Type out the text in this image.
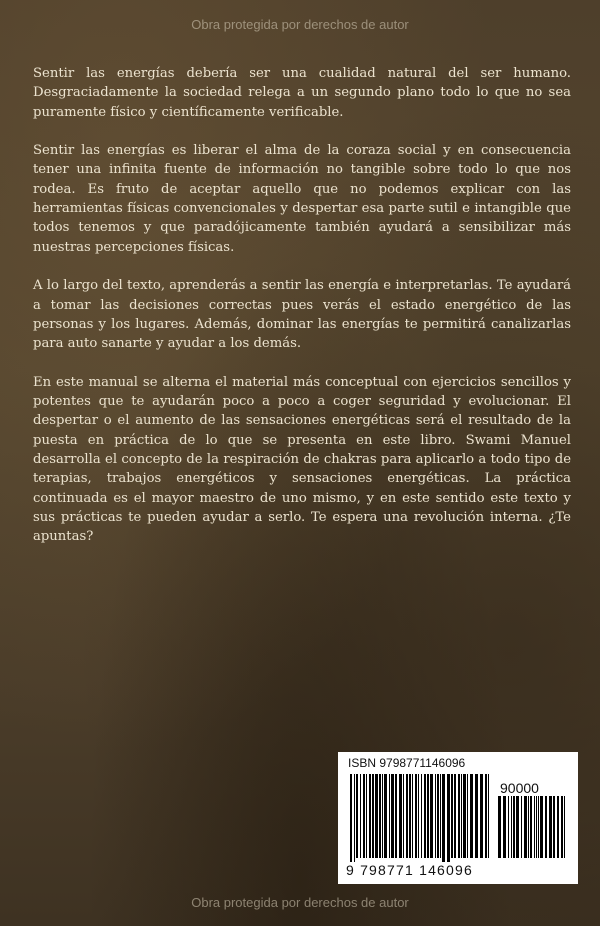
Obra protegida por derechos de autor

Sentir las energías debería ser una cualidad natural del ser humano. Desgraciadamente la sociedad relega a un segundo plano todo lo que no sea puramente físico y científicamente verificable.

Sentir las energías es liberar el alma de la coraza social y en consecuencia tener una infinita fuente de información no tangible sobre todo lo que nos rodea. Es fruto de aceptar aquello que no podemos explicar con las herramientas físicas convencionales y despertar esa parte sutil e intangible que todos tenemos y que paradójicamente también ayudará a sensibilizar más nuestras percepciones físicas.

A lo largo del texto, aprenderás a sentir las energía e interpretarlas. Te ayudará a tomar las decisiones correctas pues verás el estado energético de las personas y los lugares. Además, dominar las energías te permitirá canalizarlas para auto sanarte y ayudar a los demás.

En este manual se alterna el material más conceptual con ejercicios sencillos y potentes que te ayudarán poco a poco a coger seguridad y evolucionar. El despertar o el aumento de las sensaciones energéticas será el resultado de la puesta en práctica de lo que se presenta en este libro. Swami Manuel desarrolla el concepto de la respiración de chakras para aplicarlo a todo tipo de terapias, trabajos energéticos y sensaciones energéticas. La práctica continuada es el mayor maestro de uno mismo, y en este sentido este texto y sus prácticas te pueden ayudar a serlo. Te espera una revolución interna. ¿Te apuntas?

ISBN 9798771146096
90000
9 798771 146096
Obra protegida por derechos de autor
